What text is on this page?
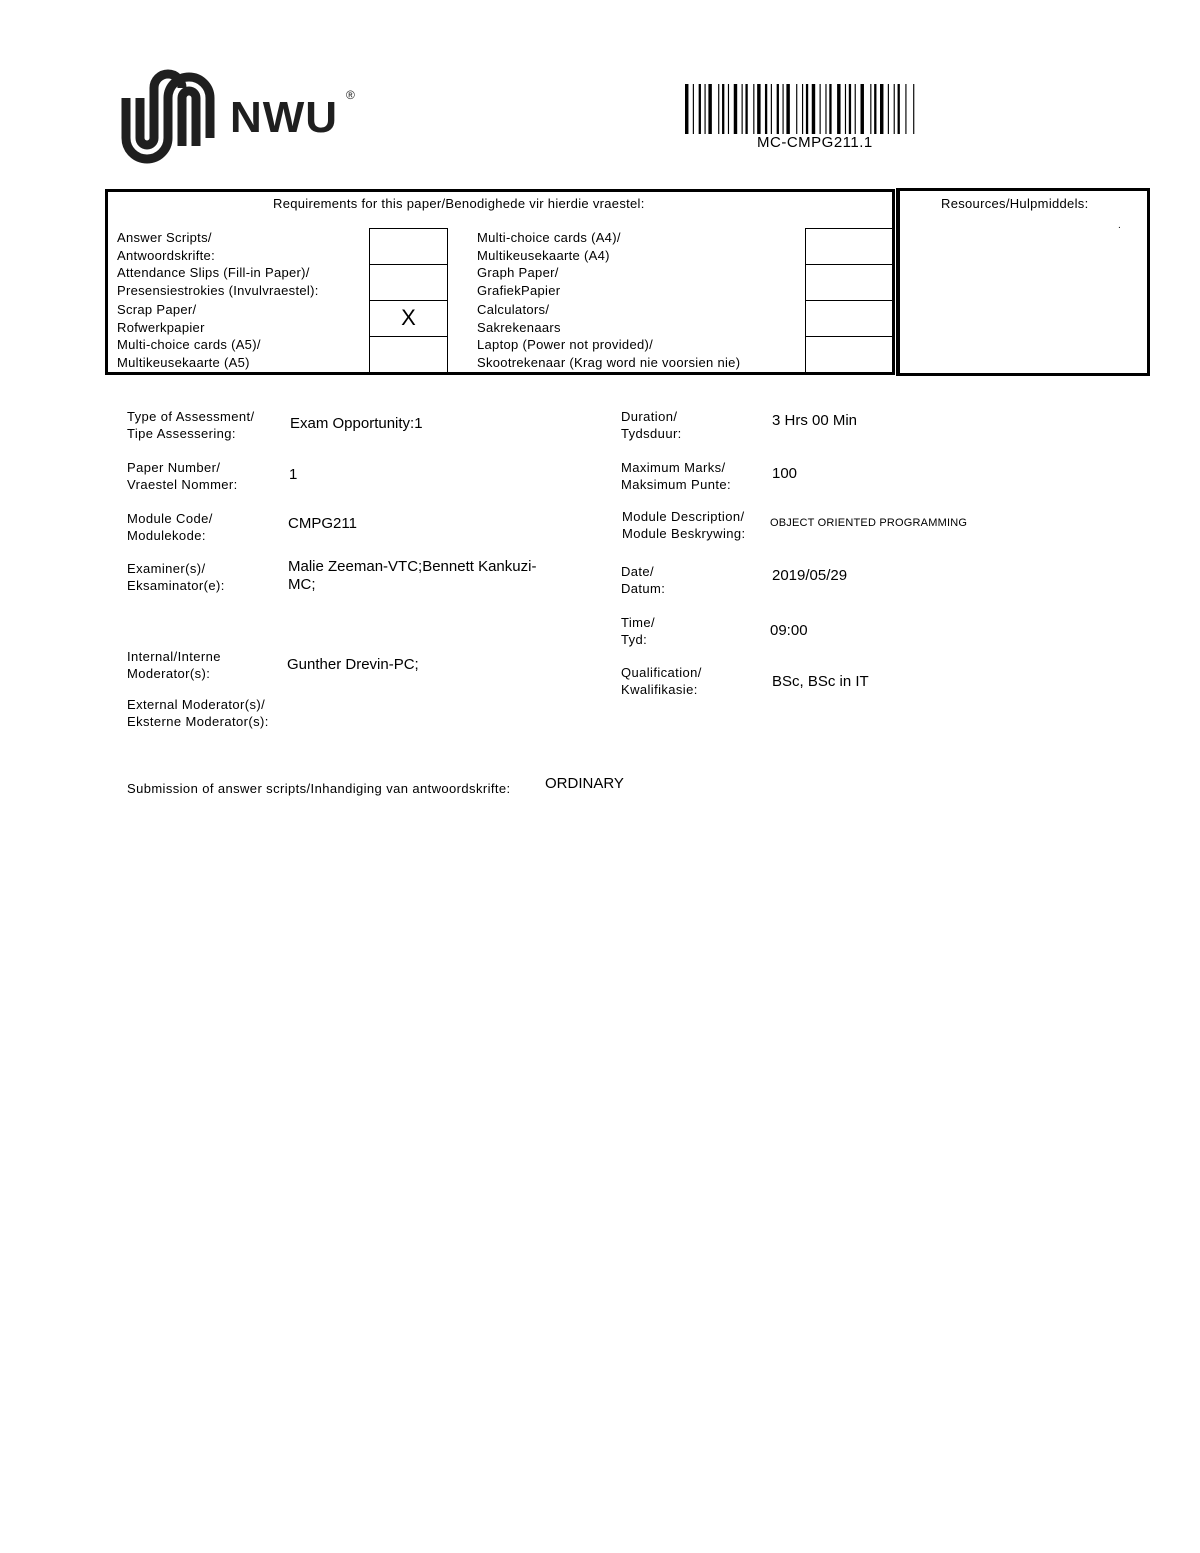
NWU ®
MC-CMPG211.1
Requirements for this paper/Benodighede vir hierdie vraestel:
Answer Scripts/
Antwoordskrifte:
Attendance Slips (Fill-in Paper)/
Presensiestrokies (Invulvraestel):
Scrap Paper/
Rofwerkpapier
Multi-choice cards (A5)/
Multikeusekaarte (A5)
X
Multi-choice cards (A4)/
Multikeusekaarte (A4)
Graph Paper/
GrafiekPapier
Calculators/
Sakrekenaars
Laptop (Power not provided)/
Skootrekenaar (Krag word nie voorsien nie)
Resources/Hulpmiddels:
.
Type of Assessment/
Tipe Assessering:
Exam Opportunity:1
Paper Number/
Vraestel Nommer:
1
Module Code/
Modulekode:
CMPG211
Examiner(s)/
Eksaminator(e):
Malie Zeeman-VTC;Bennett Kankuzi-MC;
Internal/Interne
Moderator(s):
Gunther Drevin-PC;
External Moderator(s)/
Eksterne Moderator(s):
Duration/
Tydsduur:
3 Hrs 00 Min
Maximum Marks/
Maksimum Punte:
100
Module Description/
Module Beskrywing:
OBJECT ORIENTED PROGRAMMING
Date/
Datum:
2019/05/29
Time/
Tyd:
09:00
Qualification/
Kwalifikasie:	BSc, BSc in IT
Submission of answer scripts/Inhandiging van antwoordskrifte: ORDINARY
